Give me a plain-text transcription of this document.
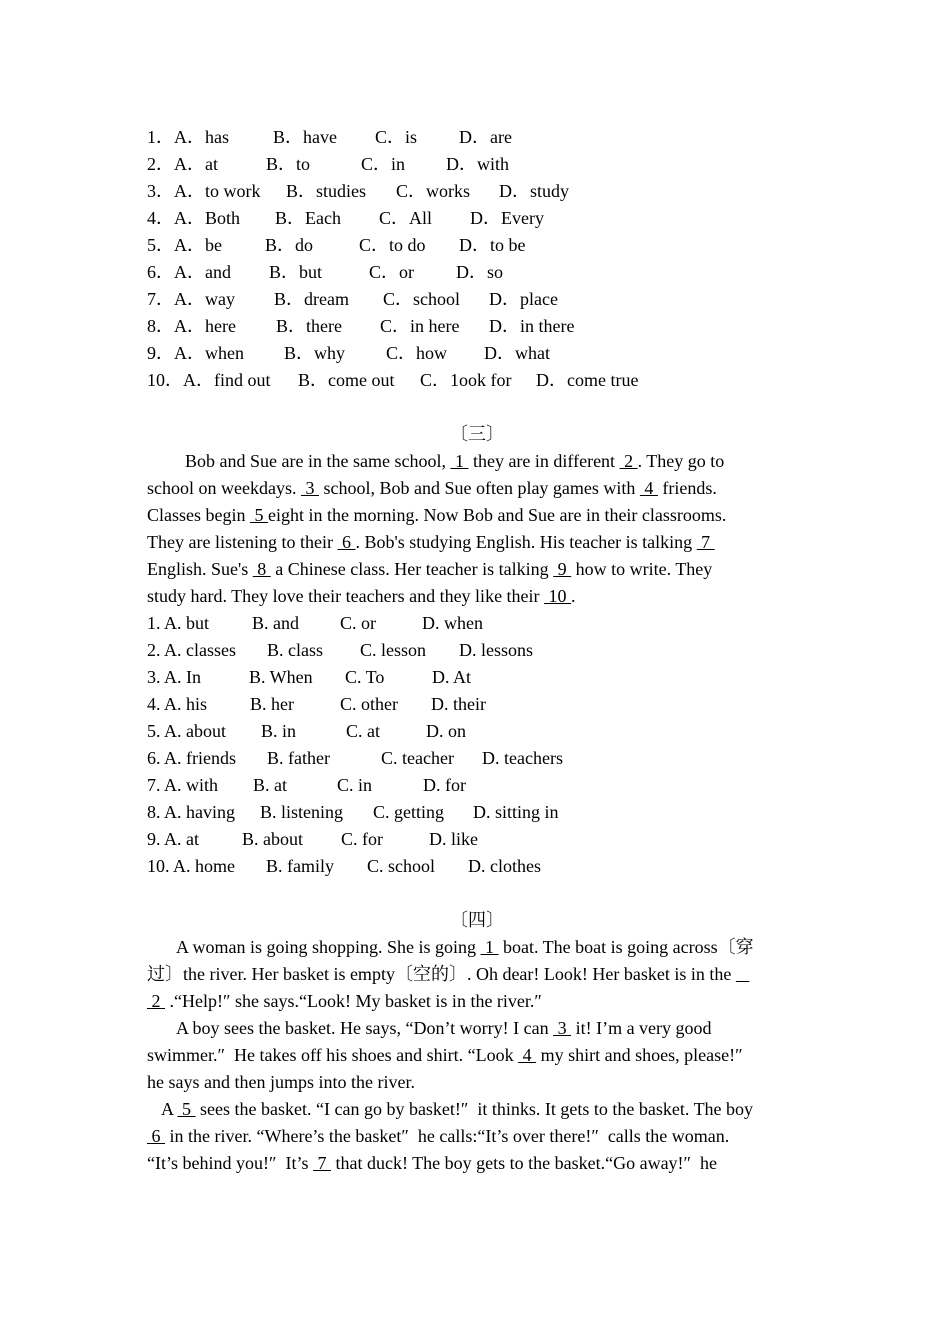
1．A．has B．have C．is D．are
2．A．at	B．to	C．in D．with
3．A．to work B．studies C．works D．study
4．A．Both B．Each C．All D．Every
5．A．be B．do	C．to do D．to be
6．A．and B．but	C．or D．so
7．A．way B．dream C．school D．place
8．A．here B．there C．in here D．in there
9．A．when B．why C．how D．what
10．A．find out B．come out C．1ook for D．come true
〔三〕
Bob and Sue are in the same school,  1  they are in different  2 . They go to
school on weekdays.  3  school, Bob and Sue often play games with  4  friends.
Classes begin  5 eight in the morning. Now Bob and Sue are in their classrooms.
They are listening to their  6 . Bob's studying English. His teacher is talking  7
English. Sue's  8  a Chinese class. Her teacher is talking  9  how to write. They
study hard. They love their teachers and they like their  10 .
1. A. but B. and C. or	D. when
2. A. classes B. class C. lesson D. lessons
3. A. In	B. When C. To	D. At
4. A. his B. her	C. other D. their
5. A. about B. in	C. at	D. on
6. A. friends B. father	C. teacher D. teachers
7. A. with B. at	C. in	D. for
8. A. having B. listening C. getting D. sitting in
9. A. at B. about C. for	D. like
10. A. home B. family C. school D. clothes
〔四〕
A woman is going shopping. She is going  1  boat. The boat is going across〔穿
过〕the river. Her basket is empty〔空的〕. Oh dear! Look! Her basket is in the
2  .“Help!″ she says.“Look! My basket is in the river.″
A boy sees the basket. He says, “Don’t worry! I can  3  it! I’m a very good
swimmer.″  He takes off his shoes and shirt. “Look  4  my shirt and shoes, please!″
he says and then jumps into the river.
A  5  sees the basket. “I can go by basket!″  it thinks. It gets to the basket. The boy
6  in the river. “Where’s the basket″  he calls:“It’s over there!″  calls the woman.
“It’s behind you!″  It’s  7  that duck! The boy gets to the basket.“Go away!″  he
